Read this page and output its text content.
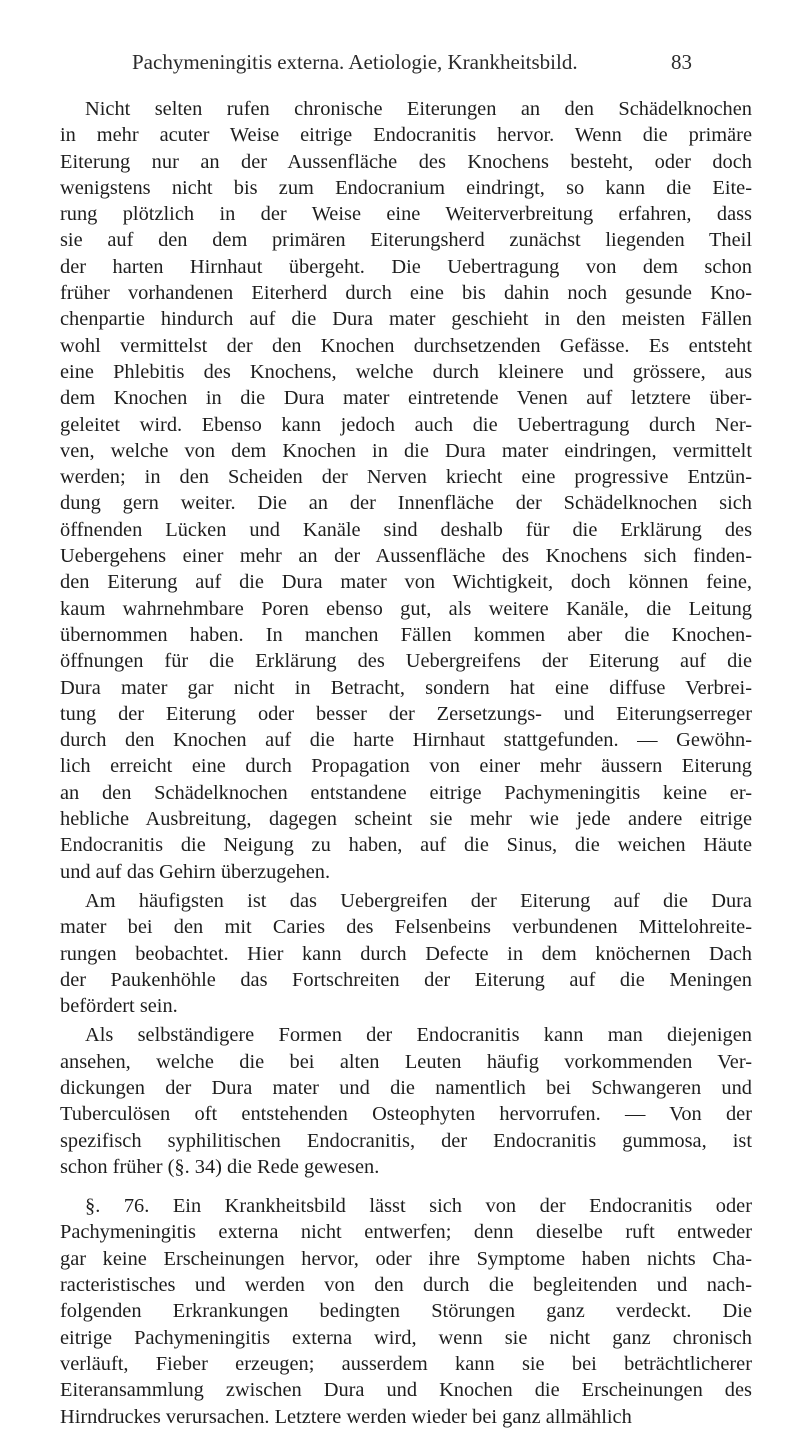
Pachymeningitis externa. Aetiologie, Krankheitsbild.	83
Nicht selten rufen chronische Eiterungen an den Schädelknochen
in mehr acuter Weise eitrige Endocranitis hervor. Wenn die primäre
Eiterung nur an der Aussenfläche des Knochens besteht, oder doch
wenigstens nicht bis zum Endocranium eindringt, so kann die Eite-
rung plötzlich in der Weise eine Weiterverbreitung erfahren, dass
sie auf den dem primären Eiterungsherd zunächst liegenden Theil
der harten Hirnhaut übergeht. Die Uebertragung von dem schon
früher vorhandenen Eiterherd durch eine bis dahin noch gesunde Kno-
chenpartie hindurch auf die Dura mater geschieht in den meisten Fällen
wohl vermittelst der den Knochen durchsetzenden Gefässe. Es entsteht
eine Phlebitis des Knochens, welche durch kleinere und grössere, aus
dem Knochen in die Dura mater eintretende Venen auf letztere über-
geleitet wird. Ebenso kann jedoch auch die Uebertragung durch Ner-
ven, welche von dem Knochen in die Dura mater eindringen, vermittelt
werden; in den Scheiden der Nerven kriecht eine progressive Entzün-
dung gern weiter. Die an der Innenfläche der Schädelknochen sich
öffnenden Lücken und Kanäle sind deshalb für die Erklärung des
Uebergehens einer mehr an der Aussenfläche des Knochens sich finden-
den Eiterung auf die Dura mater von Wichtigkeit, doch können feine,
kaum wahrnehmbare Poren ebenso gut, als weitere Kanäle, die Leitung
übernommen haben. In manchen Fällen kommen aber die Knochen-
öffnungen für die Erklärung des Uebergreifens der Eiterung auf die
Dura mater gar nicht in Betracht, sondern hat eine diffuse Verbrei-
tung der Eiterung oder besser der Zersetzungs- und Eiterungserreger
durch den Knochen auf die harte Hirnhaut stattgefunden. — Gewöhn-
lich erreicht eine durch Propagation von einer mehr äussern Eiterung
an den Schädelknochen entstandene eitrige Pachymeningitis keine er-
hebliche Ausbreitung, dagegen scheint sie mehr wie jede andere eitrige
Endocranitis die Neigung zu haben, auf die Sinus, die weichen Häute
und auf das Gehirn überzugehen.
Am häufigsten ist das Uebergreifen der Eiterung auf die Dura
mater bei den mit Caries des Felsenbeins verbundenen Mittelohreite-
rungen beobachtet. Hier kann durch Defecte in dem knöchernen Dach
der Paukenhöhle das Fortschreiten der Eiterung auf die Meningen
befördert sein.
Als selbständigere Formen der Endocranitis kann man diejenigen
ansehen, welche die bei alten Leuten häufig vorkommenden Ver-
dickungen der Dura mater und die namentlich bei Schwangeren und
Tuberculösen oft entstehenden Osteophyten hervorrufen. — Von der
spezifisch syphilitischen Endocranitis, der Endocranitis gummosa, ist
schon früher (§. 34) die Rede gewesen.
§. 76. Ein Krankheitsbild lässt sich von der Endocranitis oder
Pachymeningitis externa nicht entwerfen; denn dieselbe ruft entweder
gar keine Erscheinungen hervor, oder ihre Symptome haben nichts Cha-
racteristisches und werden von den durch die begleitenden und nach-
folgenden Erkrankungen bedingten Störungen ganz verdeckt. Die
eitrige Pachymeningitis externa wird, wenn sie nicht ganz chronisch
verläuft, Fieber erzeugen; ausserdem kann sie bei beträchtlicherer
Eiteransammlung zwischen Dura und Knochen die Erscheinungen des
Hirndruckes verursachen. Letztere werden wieder bei ganz allmählich
